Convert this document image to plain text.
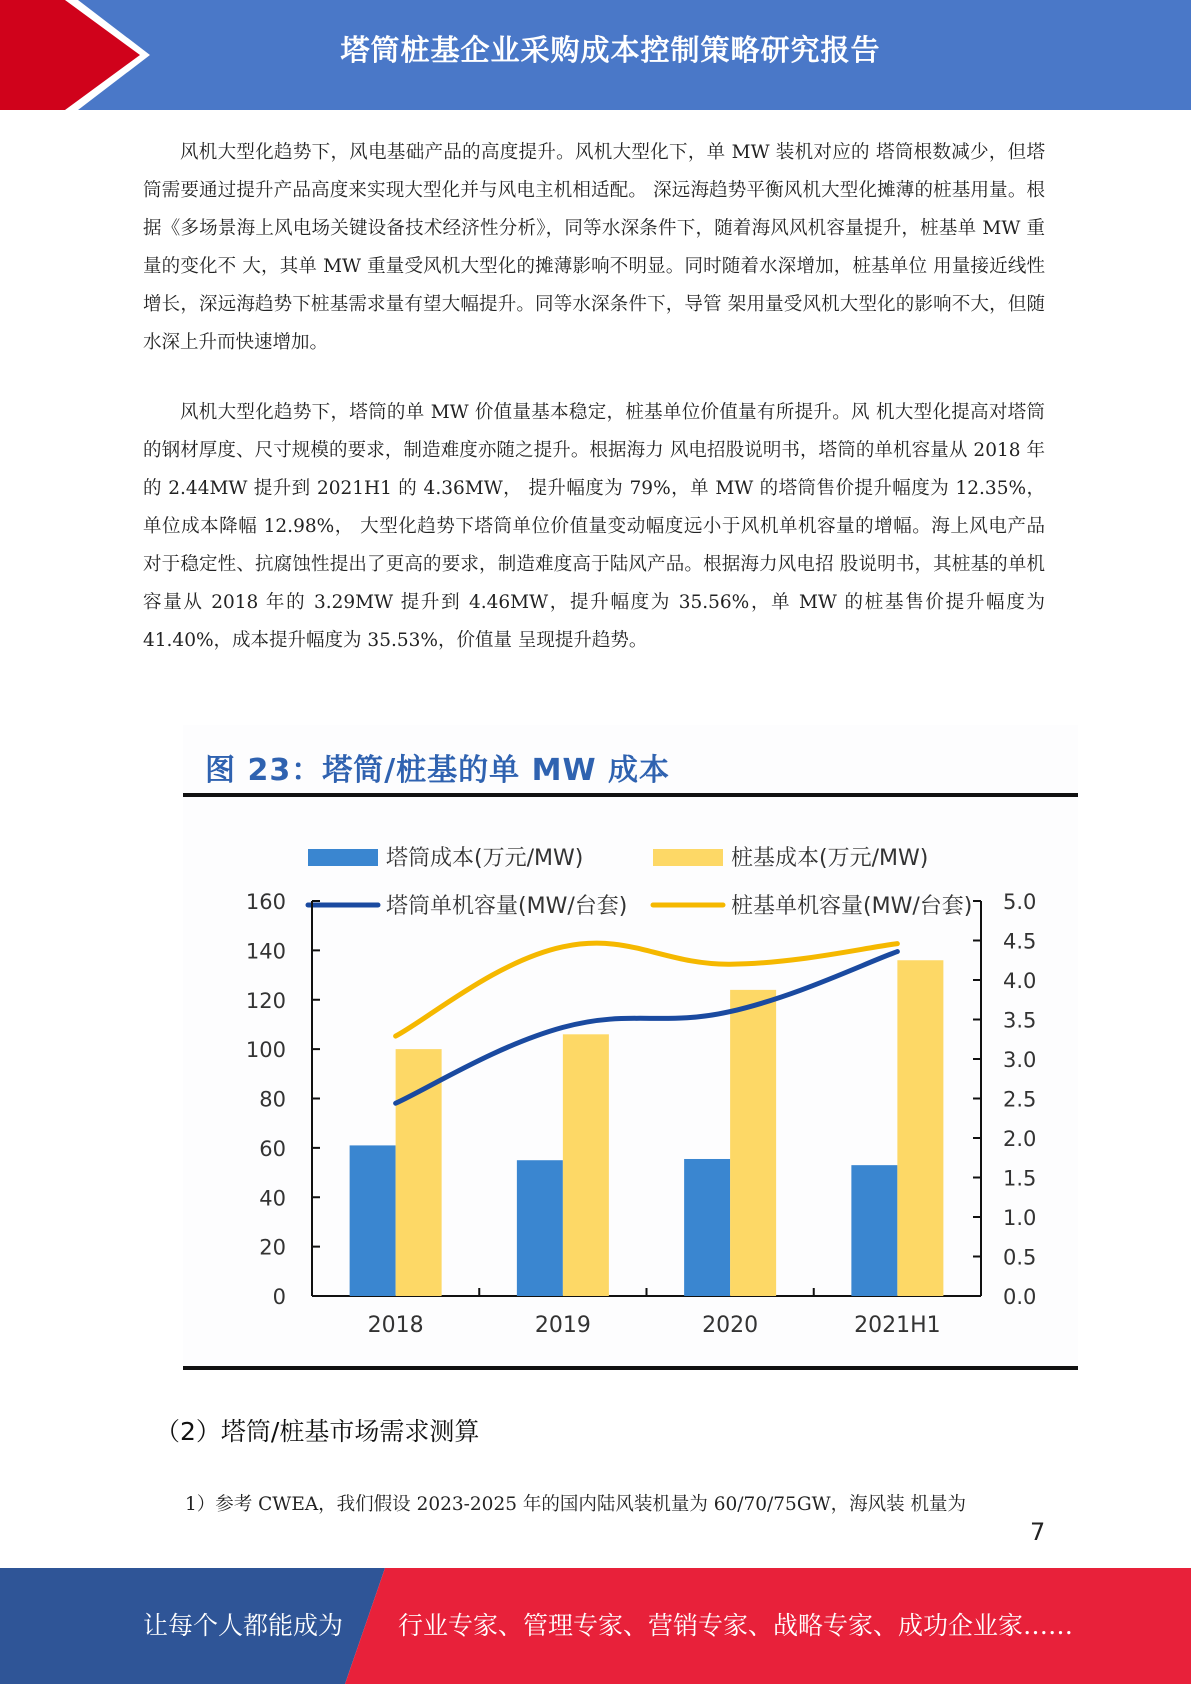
塔筒桩基企业采购成本控制策略研究报告

风机大型化趋势下，风电基础产品的高度提升。风机大型化下，单 MW 装机对应的 塔筒根数减少，但塔筒需要通过提升产品高度来实现大型化并与风电主机相适配。 深远海趋势平衡风机大型化摊薄的桩基用量。根据《多场景海上风电场关键设备技术经济性分析》，同等水深条件下，随着海风风机容量提升，桩基单 MW 重量的变化不 大，其单 MW 重量受风机大型化的摊薄影响不明显。同时随着水深增加，桩基单位 用量接近线性增长，深远海趋势下桩基需求量有望大幅提升。同等水深条件下，导管 架用量受风机大型化的影响不大，但随水深上升而快速增加。

风机大型化趋势下，塔筒的单 MW 价值量基本稳定，桩基单位价值量有所提升。风 机大型化提高对塔筒的钢材厚度、尺寸规模的要求，制造难度亦随之提升。根据海力 风电招股说明书，塔筒的单机容量从 2018 年的 2.44MW 提升到 2021H1 的 4.36MW， 提升幅度为 79%，单 MW 的塔筒售价提升幅度为 12.35%，单位成本降幅 12.98%， 大型化趋势下塔筒单位价值量变动幅度远小于风机单机容量的增幅。海上风电产品 对于稳定性、抗腐蚀性提出了更高的要求，制造难度高于陆风产品。根据海力风电招 股说明书，其桩基的单机容量从 2018 年的 3.29MW 提升到 4.46MW，提升幅度为 35.56%，单 MW 的桩基售价提升幅度为 41.40%，成本提升幅度为 35.53%，价值量 呈现提升趋势。

图 23：塔筒/桩基的单 MW 成本
塔筒成本(万元/MW)	桩基成本(万元/MW)
塔筒单机容量(MW/台套)	桩基单机容量(MW/台套)
0
20
40
60
80
100
120
140
160
0.0
0.5
1.0
1.5
2.0
2.5
3.0
3.5
4.0
4.5
5.0
2018	2019	2020	2021H1
（2）塔筒/桩基市场需求测算
1）参考 CWEA，我们假设 2023-2025 年的国内陆风装机量为 60/70/75GW，海风装 机量为
7
让每个人都能成为 行业专家、管理专家、营销专家、战略专家、成功企业家……
